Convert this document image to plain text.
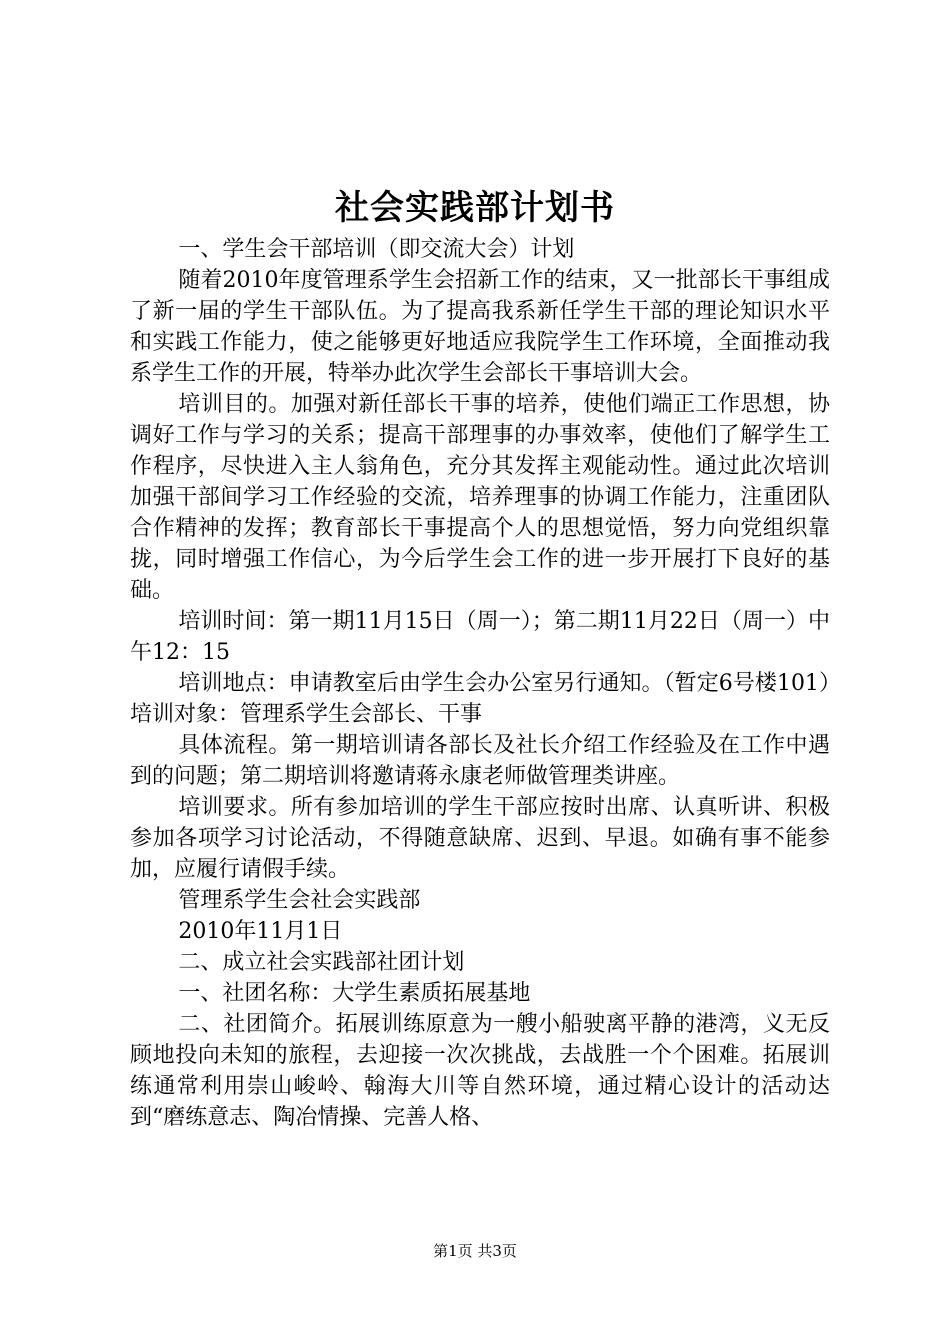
社会实践部计划书

一、学生会干部培训（即交流大会）计划

随着2010年度管理系学生会招新工作的结束，又一批部长干事组成了新一届的学生干部队伍。为了提高我系新任学生干部的理论知识水平和实践工作能力，使之能够更好地适应我院学生工作环境，全面推动我系学生工作的开展，特举办此次学生会部长干事培训大会。

培训目的。加强对新任部长干事的培养，使他们端正工作思想，协调好工作与学习的关系；提高干部理事的办事效率，使他们了解学生工作程序，尽快进入主人翁角色，充分其发挥主观能动性。通过此次培训加强干部间学习工作经验的交流，培养理事的协调工作能力，注重团队合作精神的发挥；教育部长干事提高个人的思想觉悟，努力向党组织靠拢，同时增强工作信心，为今后学生会工作的进一步开展打下良好的基础。

培训时间：第一期11月15日（周一）；第二期11月22日（周一）中午12：15

培训地点：申请教室后由学生会办公室另行通知。（暂定6号楼101）培训对象：管理系学生会部长、干事

具体流程。第一期培训请各部长及社长介绍工作经验及在工作中遇到的问题；第二期培训将邀请蒋永康老师做管理类讲座。

培训要求。所有参加培训的学生干部应按时出席、认真听讲、积极参加各项学习讨论活动，不得随意缺席、迟到、早退。如确有事不能参加，应履行请假手续。

管理系学生会社会实践部

2010年11月1日

二、成立社会实践部社团计划

一、社团名称：大学生素质拓展基地

二、社团简介。拓展训练原意为一艘小船驶离平静的港湾，义无反顾地投向未知的旅程，去迎接一次次挑战，去战胜一个个困难。拓展训练通常利用崇山峻岭、翰海大川等自然环境，通过精心设计的活动达到“磨练意志、陶冶情操、完善人格、

第1页 共3页
